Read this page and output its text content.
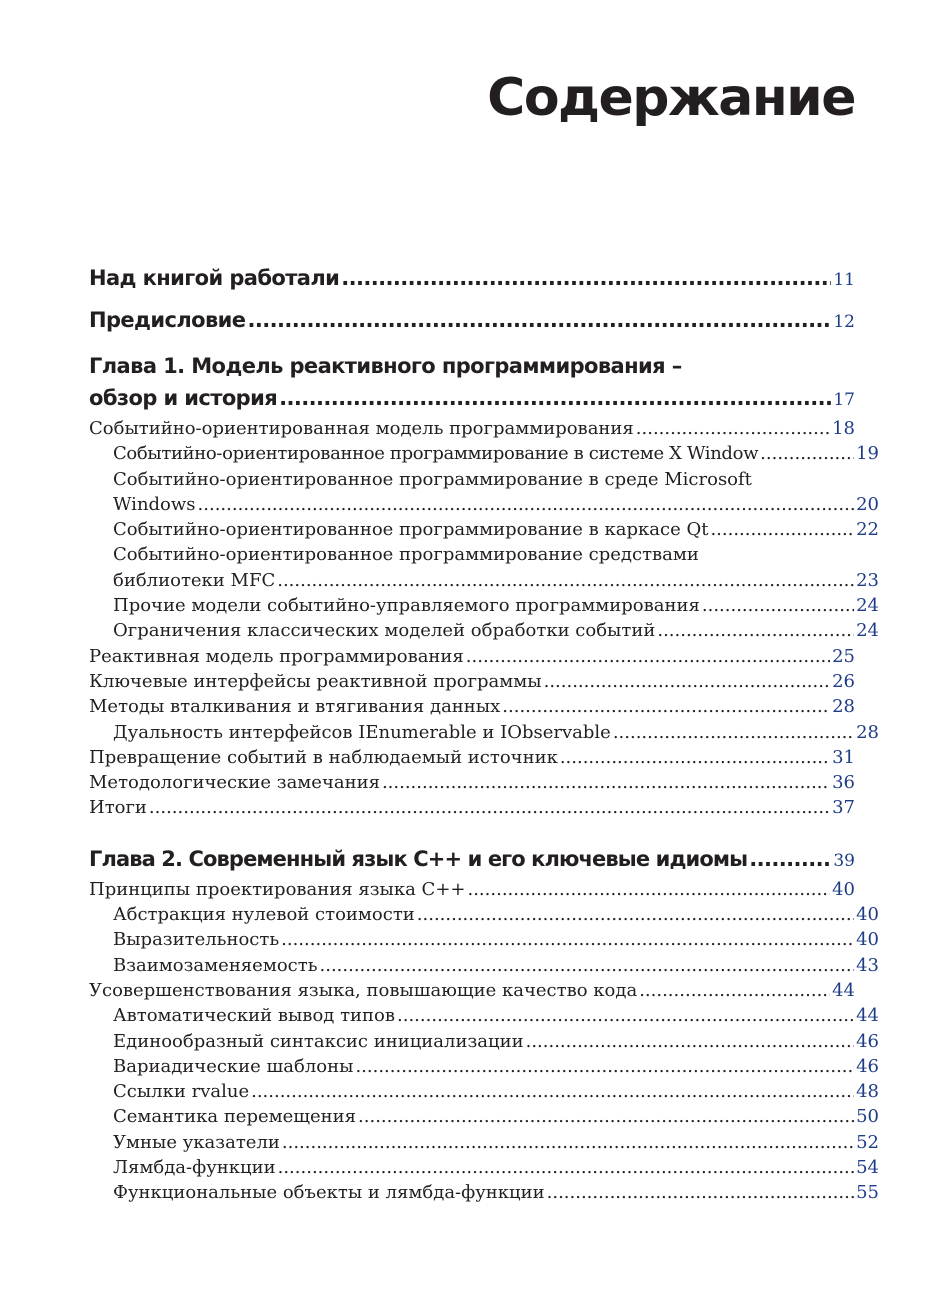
Содержание
Над книгой работали .....	11
Предисловие .....	12
Глава 1. Модель реактивного программирования –
обзор и история .....	17
Событийно-ориентированная модель программирования .....	18
Событийно-ориентированное программирование в системе X Window .....	19
Событийно-ориентированное программирование в среде Microsoft
Windows .....	20
Событийно-ориентированное программирование в каркасе Qt .....	22
Событийно-ориентированное программирование средствами
библиотеки MFC .....	23
Прочие модели событийно-управляемого программирования .....	24
Ограничения классических моделей обработки событий .....	24
Реактивная модель программирования .....	25
Ключевые интерфейсы реактивной программы .....	26
Методы вталкивания и втягивания данных .....	28
Дуальность интерфейсов IEnumerable и IObservable .....	28
Превращение событий в наблюдаемый источник .....	31
Методологические замечания .....	36
Итоги .....	37
Глава 2. Современный язык C++ и его ключевые идиомы .....	39
Принципы проектирования языка C++ .....	40
Абстракция нулевой стоимости .....	40
Выразительность .....	40
Взаимозаменяемость .....	43
Усовершенствования языка, повышающие качество кода .....	44
Автоматический вывод типов .....	44
Единообразный синтаксис инициализации .....	46
Вариадические шаблоны .....	46
Ссылки rvalue .....	48
Семантика перемещения .....	50
Умные указатели .....	52
Лямбда-функции .....	54
Функциональные объекты и лямбда-функции .....	55
